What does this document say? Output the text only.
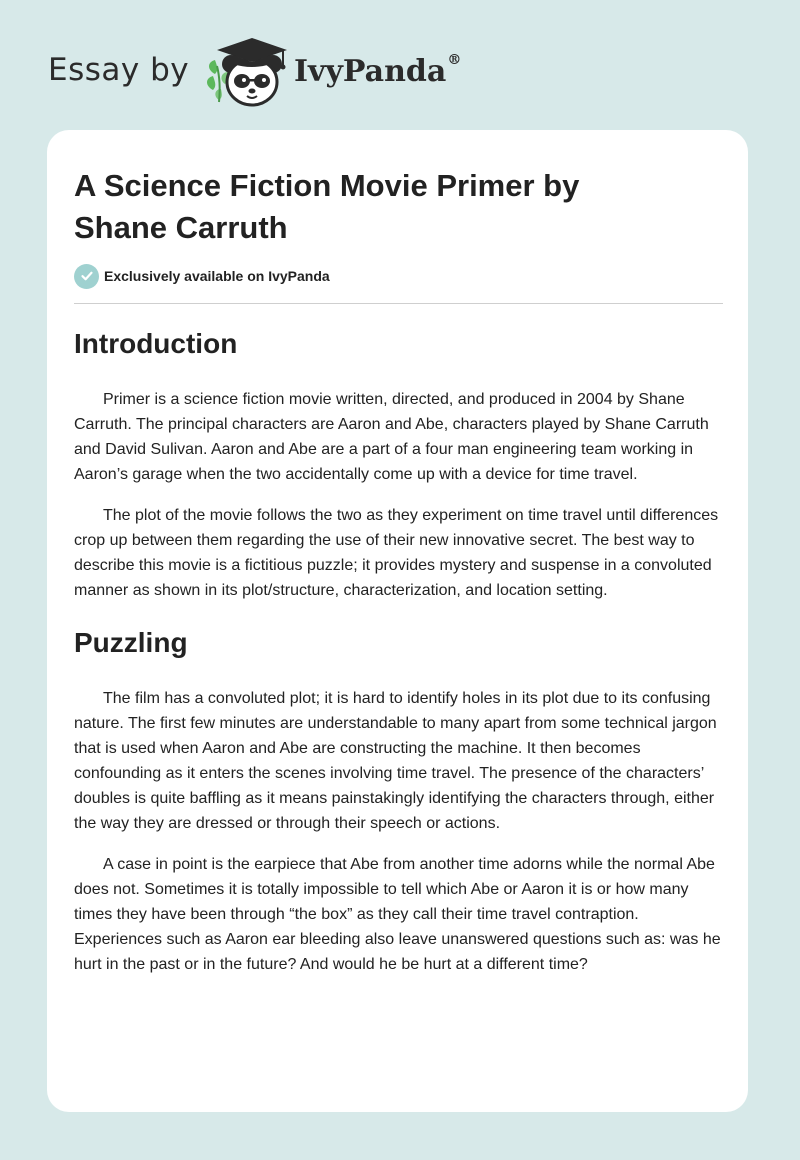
Essay by	IvyPanda®
A Science Fiction Movie Primer by Shane Carruth
Exclusively available on IvyPanda
Introduction

Primer is a science fiction movie written, directed, and produced in 2004 by Shane Carruth. The principal characters are Aaron and Abe, characters played by Shane Carruth and David Sulivan. Aaron and Abe are a part of a four man engineering team working in Aaron’s garage when the two accidentally come up with a device for time travel.

The plot of the movie follows the two as they experiment on time travel until differences crop up between them regarding the use of their new innovative secret. The best way to describe this movie is a fictitious puzzle; it provides mystery and suspense in a convoluted manner as shown in its plot/structure, characterization, and location setting.

Puzzling

The film has a convoluted plot; it is hard to identify holes in its plot due to its confusing nature. The first few minutes are understandable to many apart from some technical jargon that is used when Aaron and Abe are constructing the machine. It then becomes confounding as it enters the scenes involving time travel. The presence of the characters’ doubles is quite baffling as it means painstakingly identifying the characters through, either the way they are dressed or through their speech or actions.

A case in point is the earpiece that Abe from another time adorns while the normal Abe does not. Sometimes it is totally impossible to tell which Abe or Aaron it is or how many times they have been through “the box” as they call their time travel contraption. Experiences such as Aaron ear bleeding also leave unanswered questions such as: was he hurt in the past or in the future? And would he be hurt at a different time?
